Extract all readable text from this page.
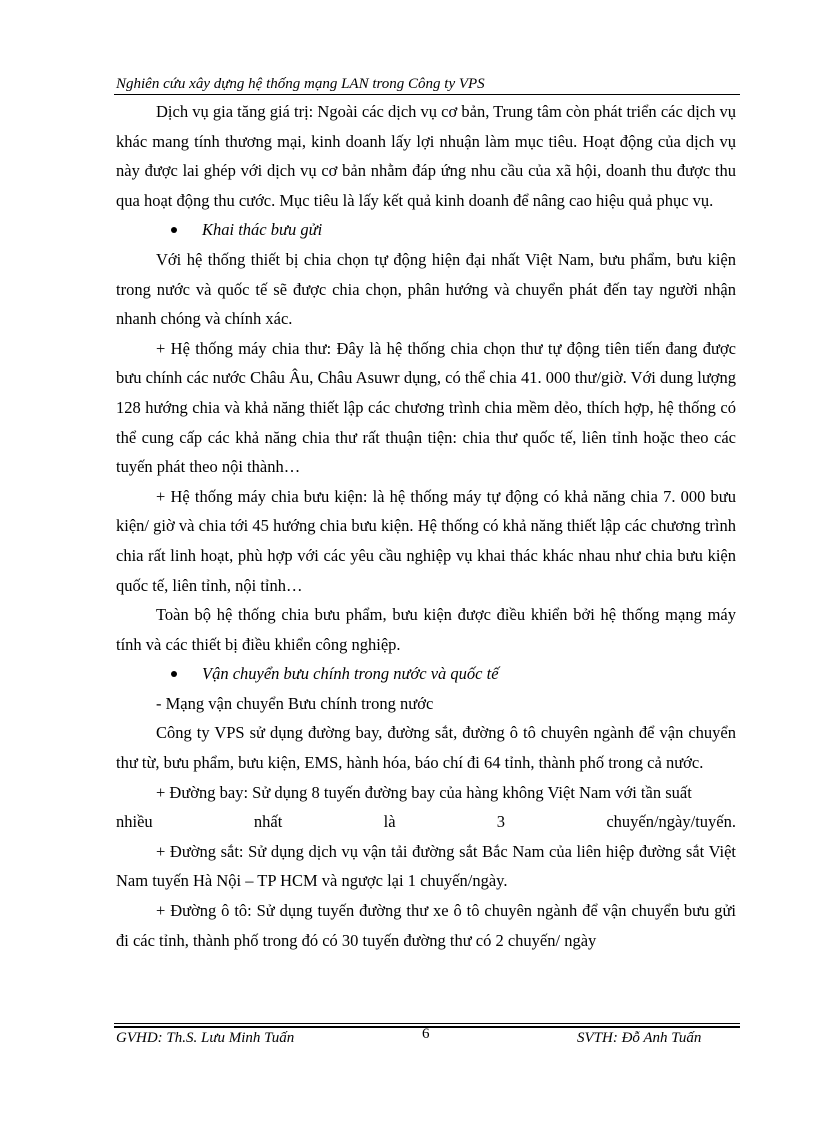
Nghiên cứu xây dựng hệ thống mạng LAN trong Công ty VPS

Dịch vụ gia tăng giá trị: Ngoài các dịch vụ cơ bản, Trung tâm còn phát triển các dịch vụ khác mang tính thương mại, kinh doanh lấy lợi nhuận làm mục tiêu. Hoạt động của dịch vụ này được lai ghép với dịch vụ cơ bản nhằm đáp ứng nhu cầu của xã hội, doanh thu được thu qua hoạt động thu cước. Mục tiêu là lấy kết quả kinh doanh để nâng cao hiệu quả phục vụ.

Khai thác bưu gửi

Với hệ thống thiết bị chia chọn tự động hiện đại nhất Việt Nam, bưu phẩm, bưu kiện trong nước và quốc tế sẽ được chia chọn, phân hướng và chuyển phát đến tay người nhận nhanh chóng và chính xác.

+ Hệ thống máy chia thư: Đây là hệ thống chia chọn thư tự động tiên tiến đang được bưu chính các nước Châu Âu, Châu Asuwr dụng, có thể chia 41. 000 thư/giờ. Với dung lượng 128 hướng chia và khả năng thiết lập các chương trình chia mềm dẻo, thích hợp, hệ thống có thể cung cấp các khả năng chia thư rất thuận tiện: chia thư quốc tế, liên tỉnh hoặc theo các tuyến phát theo nội thành…

+ Hệ thống máy chia bưu kiện: là hệ thống máy tự động có khả năng chia 7. 000 bưu kiện/ giờ và chia tới 45 hướng chia bưu kiện. Hệ thống có khả năng thiết lập các chương trình chia rất linh hoạt, phù hợp với các yêu cầu nghiệp vụ khai thác khác nhau như chia bưu kiện quốc tế, liên tỉnh, nội tỉnh…

Toàn bộ hệ thống chia bưu phẩm, bưu kiện được điều khiển bởi hệ thống mạng máy tính và các thiết bị điều khiển công nghiệp.

Vận chuyển bưu chính trong nước và quốc tế

- Mạng vận chuyển Bưu chính trong nước

Công ty VPS sử dụng đường bay, đường sắt, đường ô tô chuyên ngành để vận chuyển thư từ, bưu phẩm, bưu kiện, EMS, hành hóa, báo chí đi 64 tỉnh, thành phố trong cả nước.

+ Đường bay: Sử dụng 8 tuyến đường bay của hàng không Việt Nam với tần suất

nhiều nhất là 3 chuyến/ngày/tuyến.

+ Đường sắt: Sử dụng dịch vụ vận tải đường sắt Bắc Nam của liên hiệp đường sắt Việt Nam tuyến Hà Nội – TP HCM và ngược lại 1 chuyến/ngày.

+ Đường ô tô: Sử dụng tuyến đường thư xe ô tô chuyên ngành để vận chuyển bưu gửi đi các tỉnh, thành phố trong đó có 30 tuyến đường thư có 2 chuyến/ ngày

GVHD: Th.S. Lưu Minh Tuấn	6	SVTH: Đỗ Anh Tuấn
